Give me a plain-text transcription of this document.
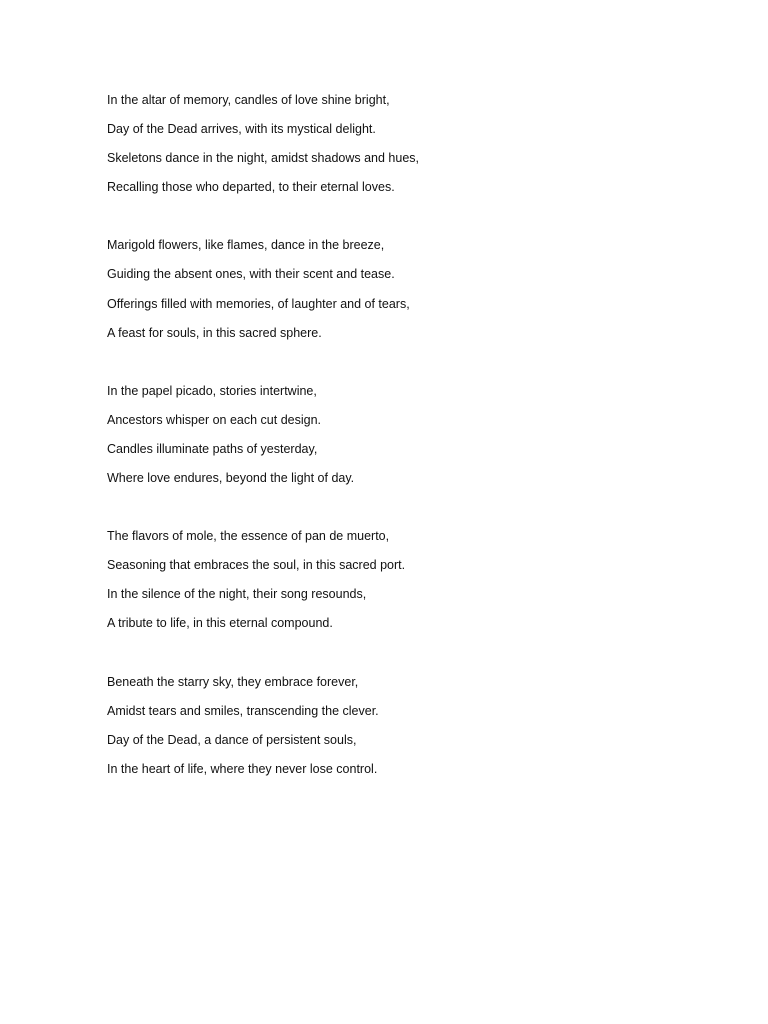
In the altar of memory, candles of love shine bright,
Day of the Dead arrives, with its mystical delight.
Skeletons dance in the night, amidst shadows and hues,
Recalling those who departed, to their eternal loves.
Marigold flowers, like flames, dance in the breeze,
Guiding the absent ones, with their scent and tease.
Offerings filled with memories, of laughter and of tears,
A feast for souls, in this sacred sphere.
In the papel picado, stories intertwine,
Ancestors whisper on each cut design.
Candles illuminate paths of yesterday,
Where love endures, beyond the light of day.
The flavors of mole, the essence of pan de muerto,
Seasoning that embraces the soul, in this sacred port.
In the silence of the night, their song resounds,
A tribute to life, in this eternal compound.
Beneath the starry sky, they embrace forever,
Amidst tears and smiles, transcending the clever.
Day of the Dead, a dance of persistent souls,
In the heart of life, where they never lose control.
